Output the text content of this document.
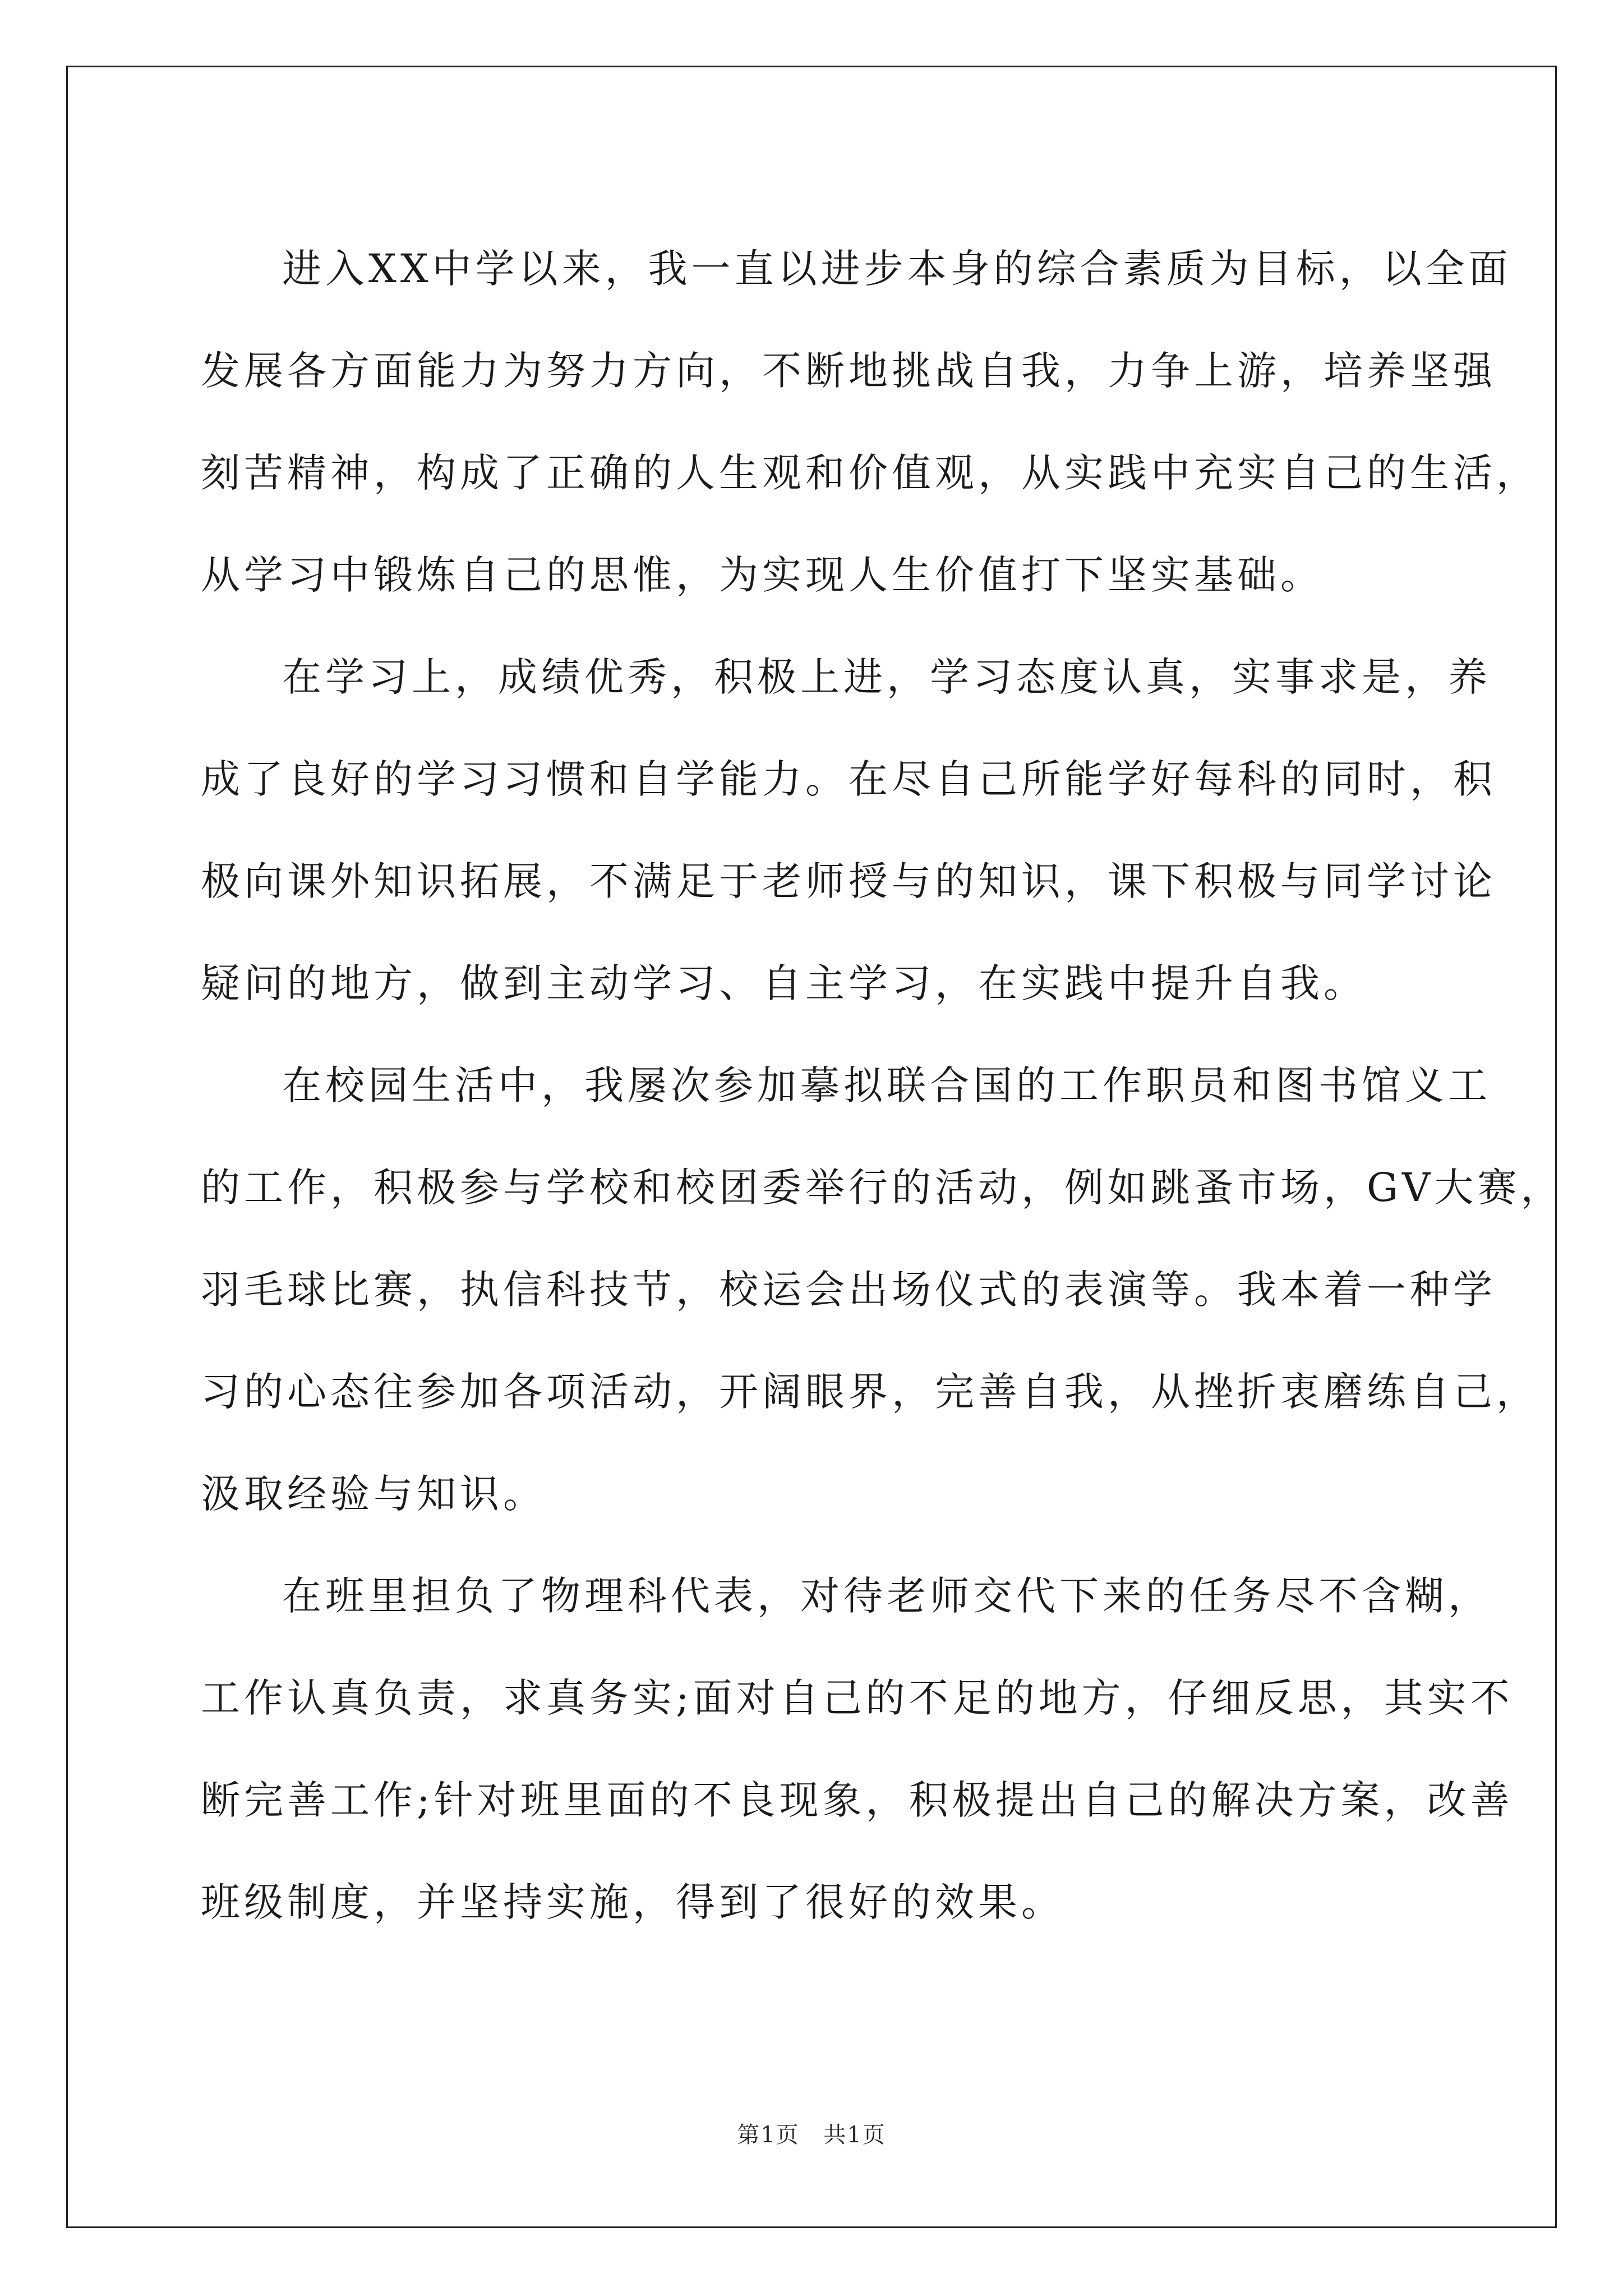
进入XX中学以来，我一直以进步本身的综合素质为目标，以全面
发展各方面能力为努力方向，不断地挑战自我，力争上游，培养坚强
刻苦精神，构成了正确的人生观和价值观，从实践中充实自己的生活，
从学习中锻炼自己的思惟，为实现人生价值打下坚实基础。
在学习上，成绩优秀，积极上进，学习态度认真，实事求是，养
成了良好的学习习惯和自学能力。在尽自己所能学好每科的同时，积
极向课外知识拓展，不满足于老师授与的知识，课下积极与同学讨论
疑问的地方，做到主动学习、自主学习，在实践中提升自我。
在校园生活中，我屡次参加摹拟联合国的工作职员和图书馆义工
的工作，积极参与学校和校团委举行的活动，例如跳蚤市场，GV大赛，
羽毛球比赛，执信科技节，校运会出场仪式的表演等。我本着一种学
习的心态往参加各项活动，开阔眼界，完善自我，从挫折衷磨练自己，
汲取经验与知识。
在班里担负了物理科代表，对待老师交代下来的任务尽不含糊，
工作认真负责，求真务实;面对自己的不足的地方，仔细反思，其实不
断完善工作;针对班里面的不良现象，积极提出自己的解决方案，改善
班级制度，并坚持实施，得到了很好的效果。
第1页 共1页
